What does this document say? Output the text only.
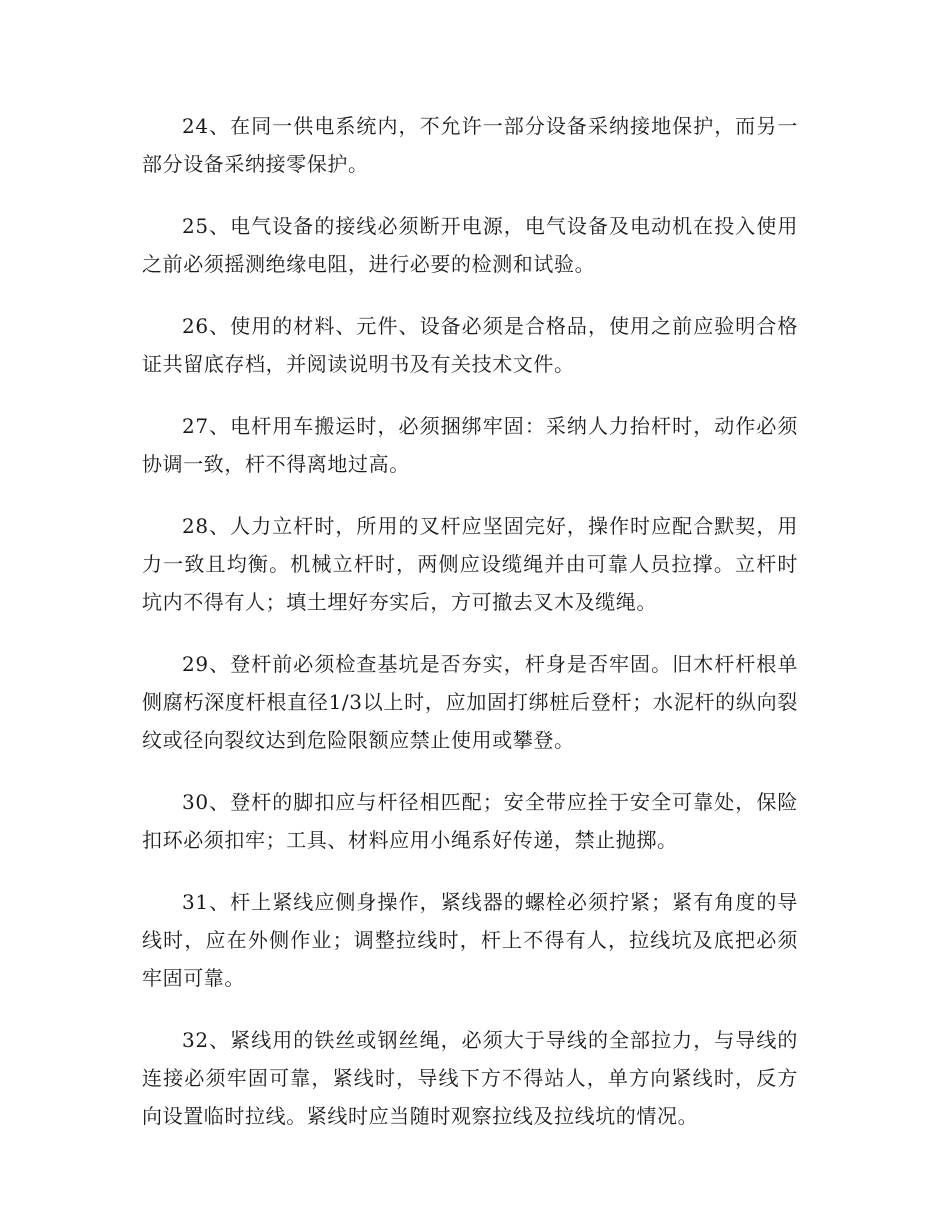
24、在同一供电系统内，不允许一部分设备采纳接地保护，而另一部分设备采纳接零保护。

25、电气设备的接线必须断开电源，电气设备及电动机在投入使用之前必须摇测绝缘电阻，进行必要的检测和试验。

26、使用的材料、元件、设备必须是合格品，使用之前应验明合格证共留底存档，并阅读说明书及有关技术文件。

27、电杆用车搬运时，必须捆绑牢固：采纳人力抬杆时，动作必须协调一致，杆不得离地过高。

28、人力立杆时，所用的叉杆应坚固完好，操作时应配合默契，用力一致且均衡。机械立杆时，两侧应设缆绳并由可靠人员拉撑。立杆时坑内不得有人；填土埋好夯实后，方可撤去叉木及缆绳。

29、登杆前必须检查基坑是否夯实，杆身是否牢固。旧木杆杆根单侧腐朽深度杆根直径1/3以上时，应加固打绑桩后登杆；水泥杆的纵向裂纹或径向裂纹达到危险限额应禁止使用或攀登。

30、登杆的脚扣应与杆径相匹配；安全带应拴于安全可靠处，保险扣环必须扣牢；工具、材料应用小绳系好传递，禁止抛掷。

31、杆上紧线应侧身操作，紧线器的螺栓必须拧紧；紧有角度的导线时，应在外侧作业；调整拉线时，杆上不得有人，拉线坑及底把必须牢固可靠。

32、紧线用的铁丝或钢丝绳，必须大于导线的全部拉力，与导线的连接必须牢固可靠，紧线时，导线下方不得站人，单方向紧线时，反方向设置临时拉线。紧线时应当随时观察拉线及拉线坑的情况。
